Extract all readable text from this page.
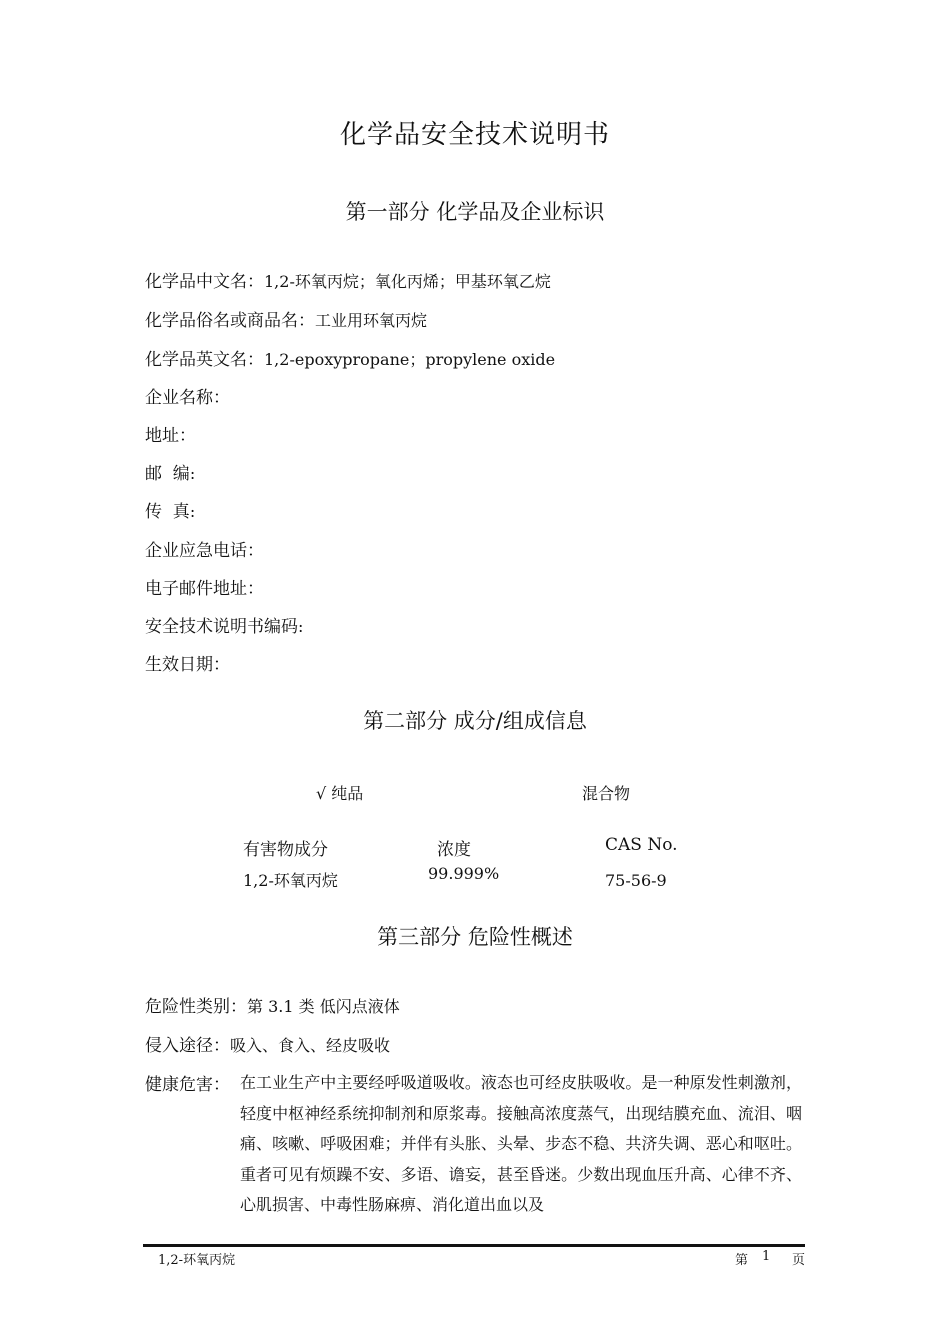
化学品安全技术说明书
第一部分 化学品及企业标识
化学品中文名：1,2-环氧丙烷；氧化丙烯；甲基环氧乙烷
化学品俗名或商品名：工业用环氧丙烷
化学品英文名：1,2-epoxypropane；propylene oxide
企业名称：
地址：
邮  编:
传  真:
企业应急电话：
电子邮件地址：
安全技术说明书编码:
生效日期：
第二部分 成分/组成信息
√ 纯品	混合物
有害物成分	浓度	CAS No.
1,2-环氧丙烷	99.999%	75-56-9
第三部分 危险性概述
危险性类别：第 3.1 类 低闪点液体
侵入途径：吸入、食入、经皮吸收
健康危害： 在工业生产中主要经呼吸道吸收。液态也可经皮肤吸收。是一种原发性刺激剂，轻度中枢神经系统抑制剂和原浆毒。接触高浓度蒸气，出现结膜充血、流泪、咽痛、咳嗽、呼吸困难；并伴有头胀、头晕、步态不稳、共济失调、恶心和呕吐。重者可见有烦躁不安、多语、谵妄，甚至昏迷。少数出现血压升高、心律不齐、心肌损害、中毒性肠麻痹、消化道出血以及
1,2-环氧丙烷	第 1 页
